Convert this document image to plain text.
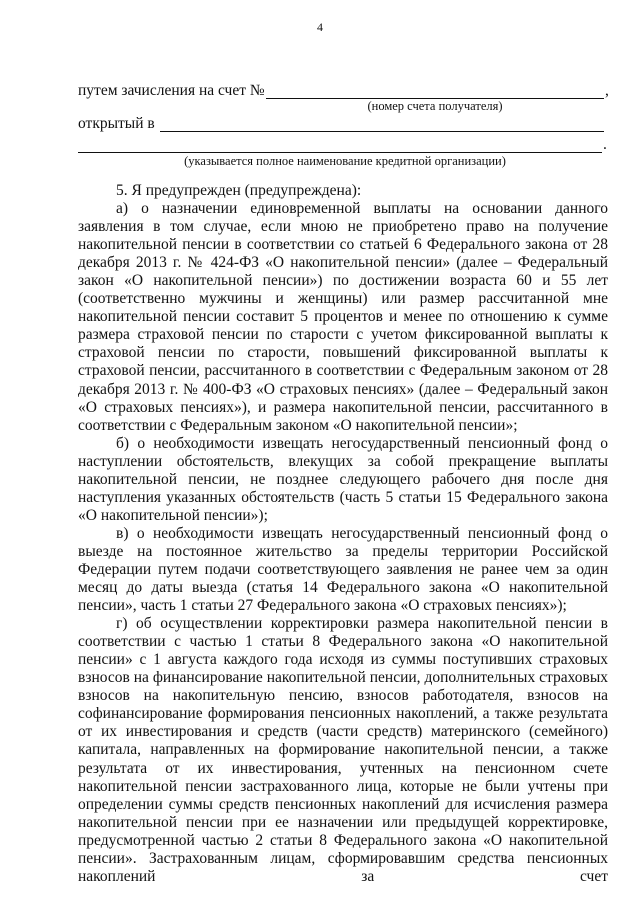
4
путем зачисления на счет №	,
(номер счета получателя)
открытый в
.
(указывается полное наименование кредитной организации)

5. Я предупрежден (предупреждена):

а) о назначении единовременной выплаты на основании данного заявления в том случае, если мною не приобретено право на получение накопительной пенсии в соответствии со статьей 6 Федерального закона от 28 декабря 2013 г. № 424-ФЗ «О накопительной пенсии» (далее – Федеральный закон «О накопительной пенсии») по достижении возраста 60 и 55 лет (соответственно мужчины и женщины) или размер рассчитанной мне накопительной пенсии составит 5 процентов и менее по отношению к сумме размера страховой пенсии по старости с учетом фиксированной выплаты к страховой пенсии по старости, повышений фиксированной выплаты к страховой пенсии, рассчитанного в соответствии с Федеральным законом от 28 декабря 2013 г. № 400-ФЗ «О страховых пенсиях» (далее – Федеральный закон «О страховых пенсиях»), и размера накопительной пенсии, рассчитанного в соответствии с Федеральным законом «О накопительной пенсии»;

б) о необходимости извещать негосударственный пенсионный фонд о наступлении обстоятельств, влекущих за собой прекращение выплаты накопительной пенсии, не позднее следующего рабочего дня после дня наступления указанных обстоятельств (часть 5 статьи 15 Федерального закона «О накопительной пенсии»);

в) о необходимости извещать негосударственный пенсионный фонд о выезде на постоянное жительство за пределы территории Российской Федерации путем подачи соответствующего заявления не ранее чем за один месяц до даты выезда (статья 14 Федерального закона «О накопительной пенсии», часть 1 статьи 27 Федерального закона «О страховых пенсиях»);

г) об осуществлении корректировки размера накопительной пенсии в соответствии с частью 1 статьи 8 Федерального закона «О накопительной пенсии» с 1 августа каждого года исходя из суммы поступивших страховых взносов на финансирование накопительной пенсии, дополнительных страховых взносов на накопительную пенсию, взносов работодателя, взносов на софинансирование формирования пенсионных накоплений, а также результата от их инвестирования и средств (части средств) материнского (семейного) капитала, направленных на формирование накопительной пенсии, а также результата от их инвестирования, учтенных на пенсионном счете накопительной пенсии застрахованного лица, которые не были учтены при определении суммы средств пенсионных накоплений для исчисления размера накопительной пенсии при ее назначении или предыдущей корректировке, предусмотренной частью 2 статьи 8 Федерального закона «О накопительной пенсии». Застрахованным лицам, сформировавшим средства пенсионных накоплений за счет
